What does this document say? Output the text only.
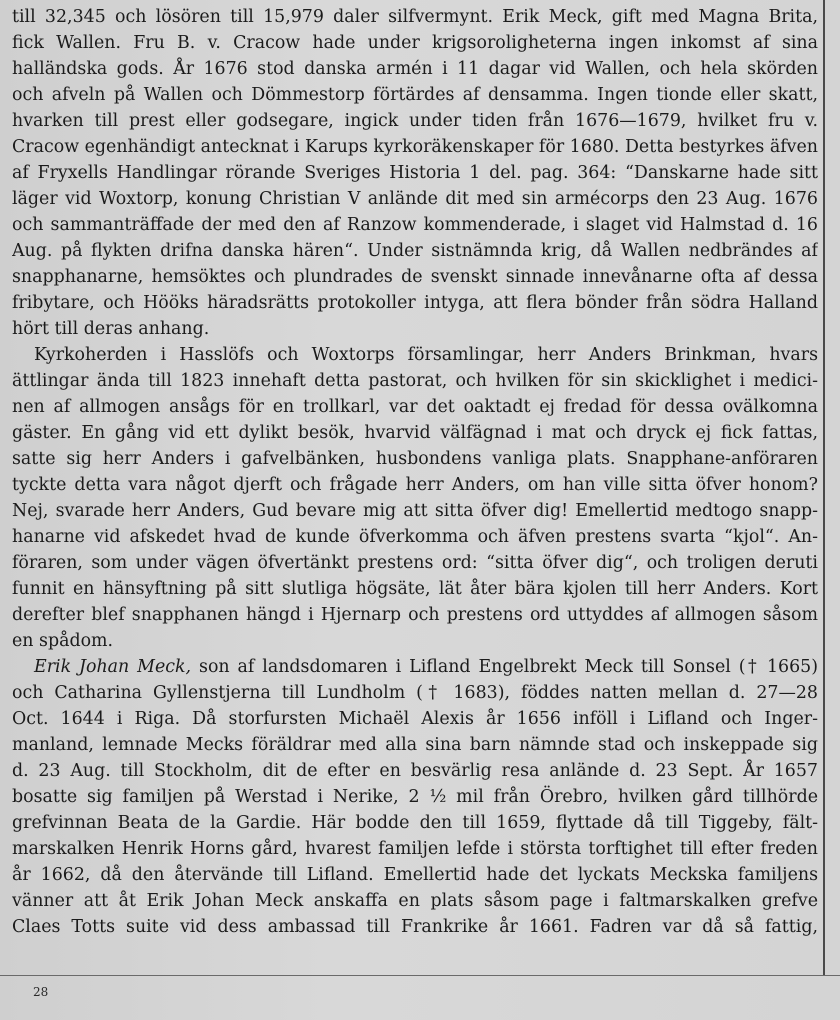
till 32,345 och lösören till 15,979 daler silfvermynt. Erik Meck, gift med Magna Brita,
fick Wallen. Fru B. v. Cracow hade under krigsoroligheterna ingen inkomst af sina
halländska gods. År 1676 stod danska armén i 11 dagar vid Wallen, och hela skörden
och afveln på Wallen och Dömmestorp förtärdes af densamma. Ingen tionde eller skatt,
hvarken till prest eller godsegare, ingick under tiden från 1676—1679, hvilket fru v.
Cracow egenhändigt antecknat i Karups kyrkoräkenskaper för 1680. Detta bestyrkes äfven
af Fryxells Handlingar rörande Sveriges Historia 1 del. pag. 364: “Danskarne hade sitt
läger vid Woxtorp, konung Christian V anlände dit med sin armécorps den 23 Aug. 1676
och sammanträffade der med den af Ranzow kommenderade, i slaget vid Halmstad d. 16
Aug. på flykten drifna danska hären“. Under sistnämnda krig, då Wallen nedbrändes af
snapphanarne, hemsöktes och plundrades de svenskt sinnade innevånarne ofta af dessa
fribytare, och Hööks häradsrätts protokoller intyga, att flera bönder från södra Halland
hört till deras anhang.
Kyrkoherden i Hasslöfs och Woxtorps församlingar, herr Anders Brinkman, hvars
ättlingar ända till 1823 innehaft detta pastorat, och hvilken för sin skicklighet i medici-
nen af allmogen ansågs för en trollkarl, var det oaktadt ej fredad för dessa ovälkomna
gäster. En gång vid ett dylikt besök, hvarvid välfägnad i mat och dryck ej fick fattas,
satte sig herr Anders i gafvelbänken, husbondens vanliga plats. Snapphane-anföraren
tyckte detta vara något djerft och frågade herr Anders, om han ville sitta öfver honom?
Nej, svarade herr Anders, Gud bevare mig att sitta öfver dig! Emellertid medtogo snapp-
hanarne vid afskedet hvad de kunde öfverkomma och äfven prestens svarta “kjol“. An-
föraren, som under vägen öfvertänkt prestens ord: “sitta öfver dig“, och troligen deruti
funnit en hänsyftning på sitt slutliga högsäte, lät åter bära kjolen till herr Anders. Kort
derefter blef snapphanen hängd i Hjernarp och prestens ord uttyddes af allmogen såsom
en spådom.
Erik Johan Meck, son af landsdomaren i Lifland Engelbrekt Meck till Sonsel († 1665)
och Catharina Gyllenstjerna till Lundholm († 1683), föddes natten mellan d. 27—28
Oct. 1644 i Riga. Då storfursten Michaël Alexis år 1656 inföll i Lifland och Inger-
manland, lemnade Mecks föräldrar med alla sina barn nämnde stad och inskeppade sig
d. 23 Aug. till Stockholm, dit de efter en besvärlig resa anlände d. 23 Sept. År 1657
bosatte sig familjen på Werstad i Nerike, 2 ½ mil från Örebro, hvilken gård tillhörde
grefvinnan Beata de la Gardie. Här bodde den till 1659, flyttade då till Tiggeby, fält-
marskalken Henrik Horns gård, hvarest familjen lefde i största torftighet till efter freden
år 1662, då den återvände till Lifland. Emellertid hade det lyckats Meckska familjens
vänner att åt Erik Johan Meck anskaffa en plats såsom page i faltmarskalken grefve
Claes Totts suite vid dess ambassad till Frankrike år 1661. Fadren var då så fattig,
28
